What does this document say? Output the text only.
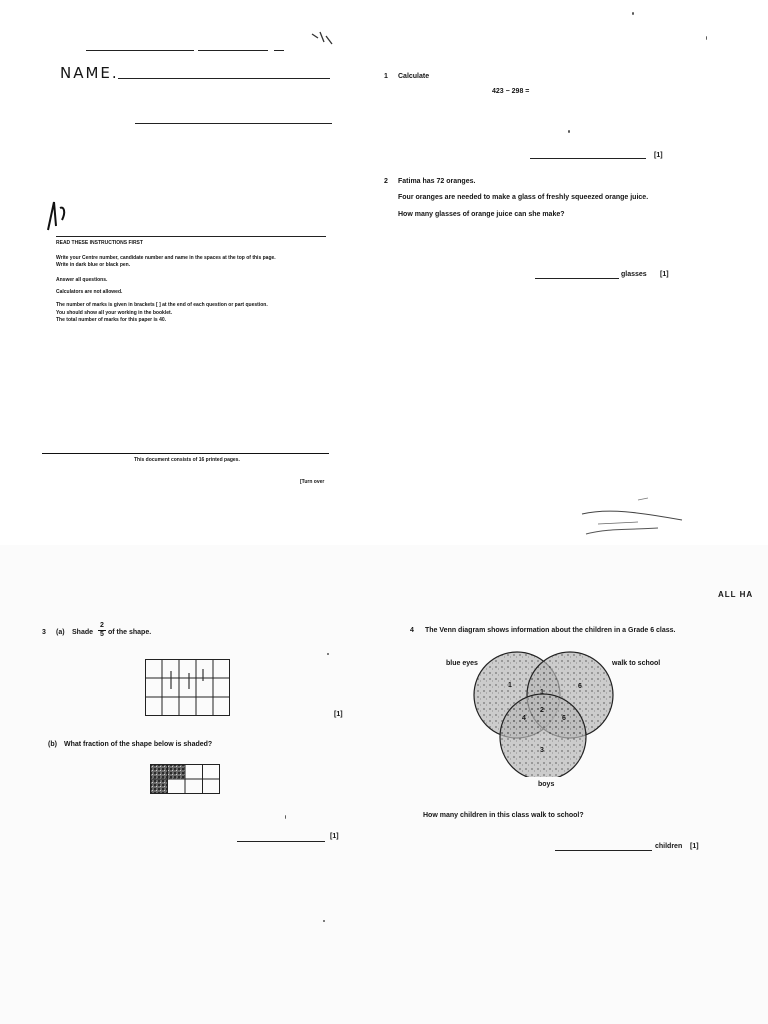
NAME.
READ THESE INSTRUCTIONS FIRST
Write your Centre number, candidate number and name in the spaces at the top of this page.
Write in dark blue or black pen.
Answer all questions.
Calculators are not allowed.
The number of marks is given in brackets [ ] at the end of each question or part question.
You should show all your working in the booklet.
The total number of marks for this paper is 40.
This document consists of 16 printed pages.
[Turn over
1 Calculate
423 − 298 =
[1]
2 Fatima has 72 oranges.
Four oranges are needed to make a glass of freshly squeezed orange juice.
How many glasses of orange juice can she make?
glasses [1]
ALL HA
3 (a) Shade
2
5 of the shape.
[1]
(b) What fraction of the shape below is shaded?
[1]
4 The Venn diagram shows information about the children in a Grade 6 class.
1	6
1
2
4	6
3
blue eyes	walk to school
boys
How many children in this class walk to school?
children [1]
